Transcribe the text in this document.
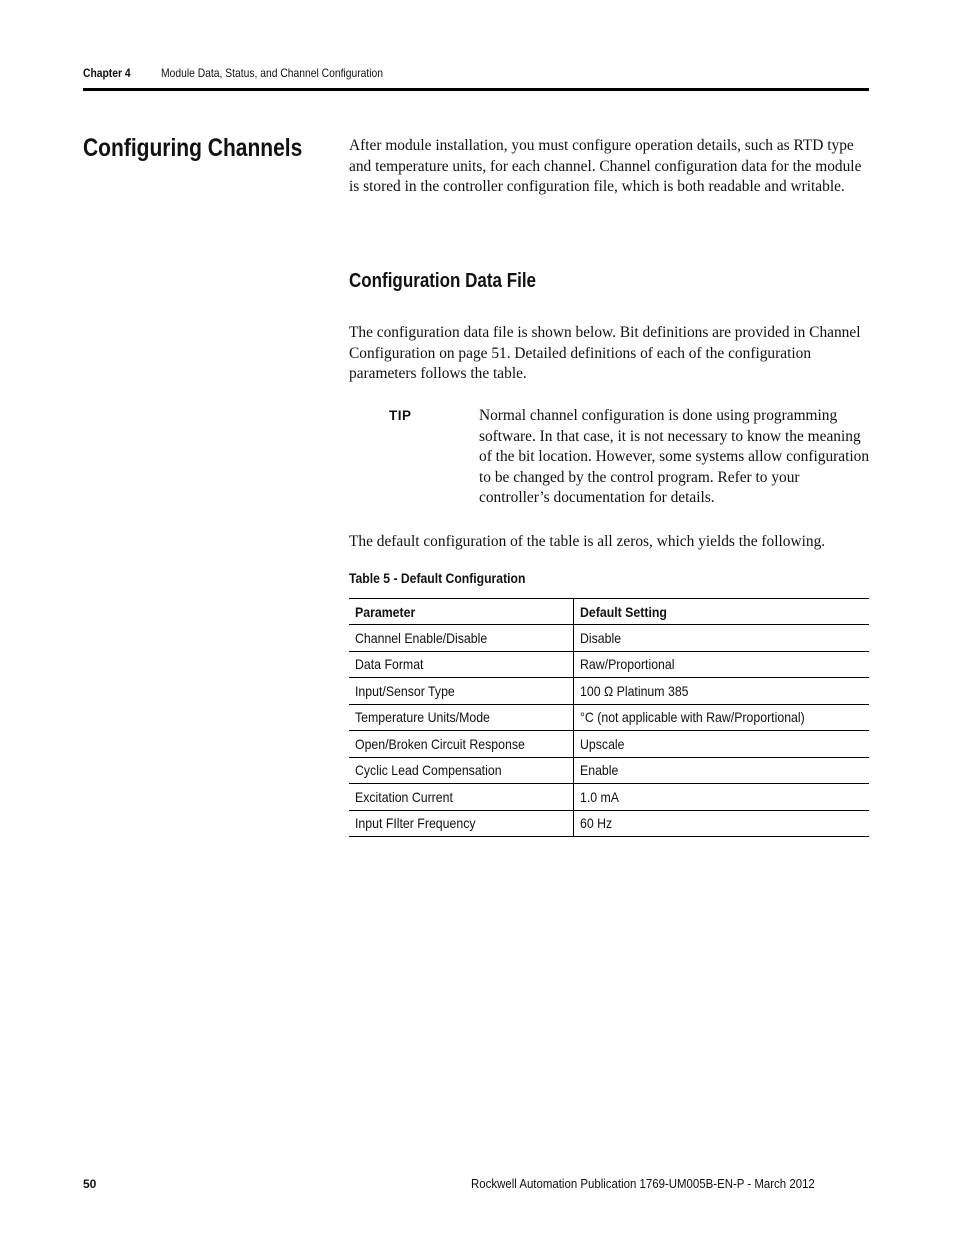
Chapter 4	Module Data, Status, and Channel Configuration
Configuring Channels	After module installation, you must configure operation details, such as RTD type and temperature units, for each channel. Channel configuration data for the module is stored in the controller configuration file, which is both readable and writable.
Configuration Data File
The configuration data file is shown below. Bit definitions are provided in Channel Configuration on page 51. Detailed definitions of each of the configuration parameters follows the table.
TIP	Normal channel configuration is done using programming software. In that case, it is not necessary to know the meaning of the bit location. However, some systems allow configuration to be changed by the control program. Refer to your controller’s documentation for details.
The default configuration of the table is all zeros, which yields the following.
Table 5 - Default Configuration
Parameter	Default Setting
Channel Enable/Disable	Disable
Data Format	Raw/Proportional
Input/Sensor Type	100 Ω Platinum 385
Temperature Units/Mode	°C (not applicable with Raw/Proportional)
Open/Broken Circuit Response	Upscale
Cyclic Lead Compensation	Enable
Excitation Current	1.0 mA
Input FIlter Frequency	60 Hz
50	Rockwell Automation Publication 1769-UM005B-EN-P - March 2012
